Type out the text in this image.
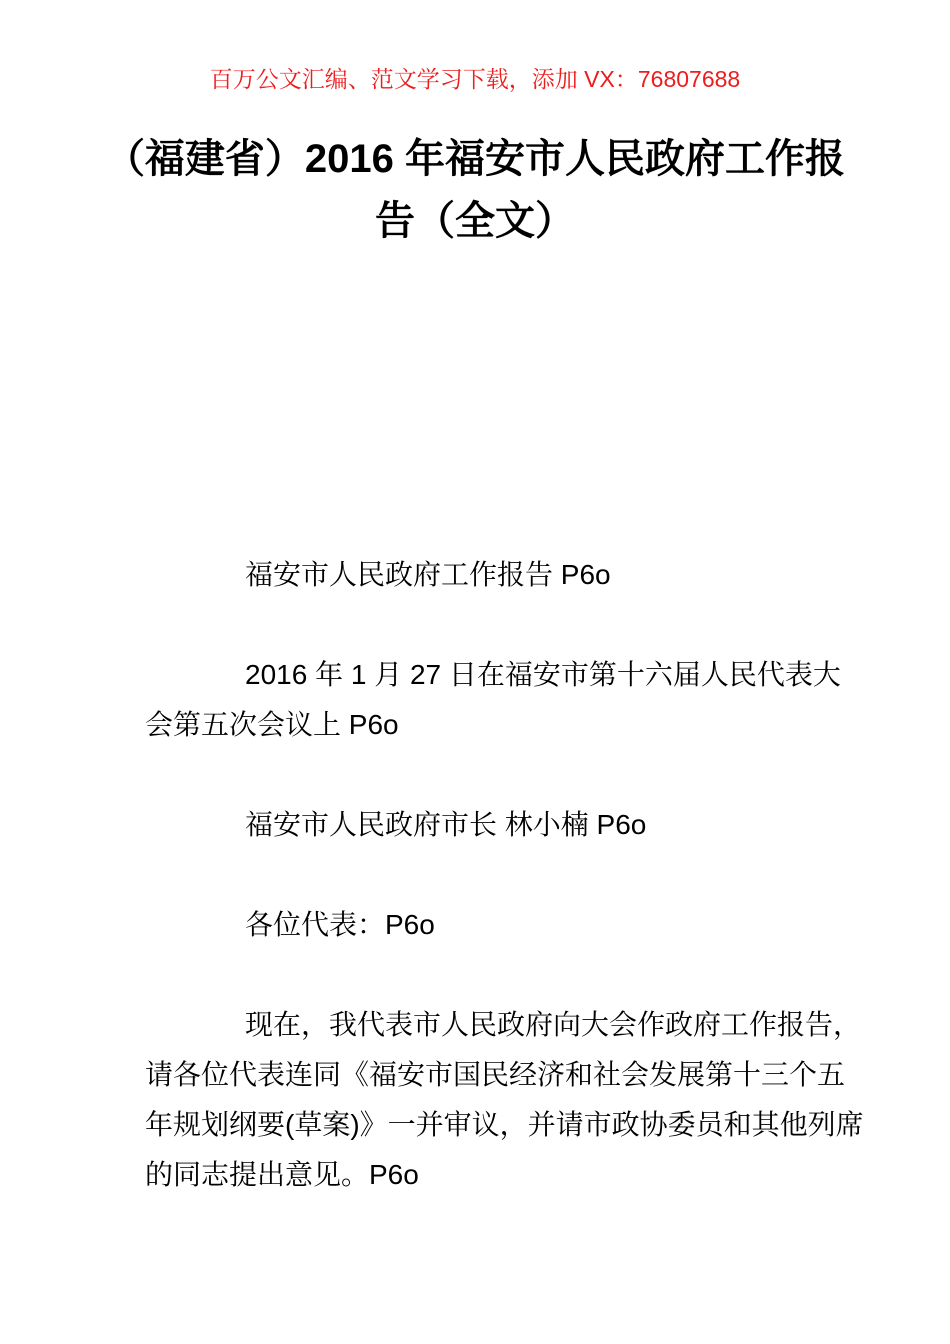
百万公文汇编、范文学习下载，添加 VX：76807688
（福建省）2016 年福安市人民政府工作报
告（全文）

福安市人民政府工作报告 P6o

2016 年 1 月 27 日在福安市第十六届人民代表大
会第五次会议上 P6o

福安市人民政府市长 林小楠 P6o

各位代表：P6o

现在，我代表市人民政府向大会作政府工作报告，
请各位代表连同《福安市国民经济和社会发展第十三个五
年规划纲要(草案)》一并审议，并请市政协委员和其他列席
的同志提出意见。P6o
